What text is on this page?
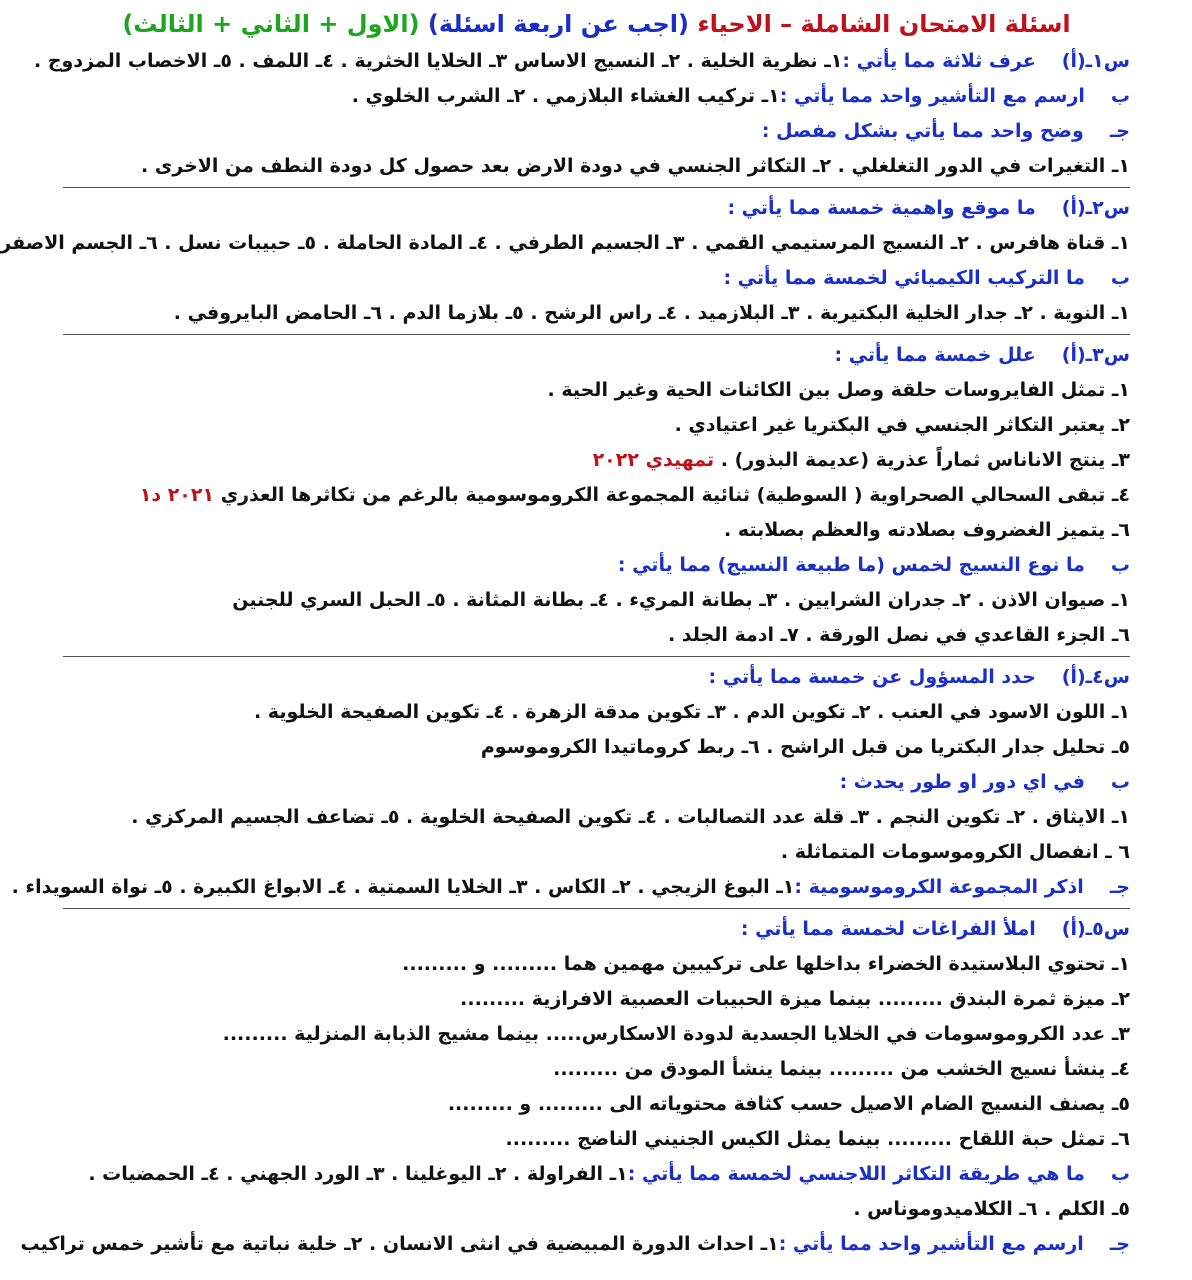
اسئلة الامتحان الشاملة – الاحياء (اجب عن اربعة اسئلة) (الاول + الثاني + الثالث)
س١ـ(أ)عرف ثلاثة مما يأتي :١ـ نظرية الخلية . ٢ـ النسيج الاساس ٣ـ الخلايا الخثرية . ٤ـ اللمف . ٥ـ الاخصاب المزدوج .
بارسم مع التأشير واحد مما يأتي :١ـ تركيب الغشاء البلازمي . ٢ـ الشرب الخلوي .
جـوضح واحد مما يأتي بشكل مفصل :
١ـ التغيرات في الدور التغلغلي . ٢ـ التكاثر الجنسي في دودة الارض بعد حصول كل دودة النطف من الاخرى .
س٢ـ(أ)ما موقع واهمية خمسة مما يأتي :
١ـ قناة هافرس . ٢ـ النسيج المرستيمي القمي . ٣ـ الجسيم الطرفي . ٤ـ المادة الحاملة . ٥ـ حبيبات نسل . ٦ـ الجسم الاصفر
بما التركيب الكيميائي لخمسة مما يأتي :
١ـ النوية . ٢ـ جدار الخلية البكتيرية . ٣ـ البلازميد . ٤ـ راس الرشح . ٥ـ بلازما الدم . ٦ـ الحامض البايروفي .
س٣ـ(أ)علل خمسة مما يأتي :
١ـ تمثل الفايروسات حلقة وصل بين الكائنات الحية وغير الحية .
٢ـ يعتبر التكاثر الجنسي في البكتريا غير اعتيادي .
٣ـ ينتج الاناناس ثماراً عذرية (عديمة البذور) . تمهيدي ٢٠٢٢
٤ـ تبقى السحالي الصحراوية ( السوطية) ثنائية المجموعة الكروموسومية بالرغم من تكاثرها العذري ٢٠٢١ د١
٦ـ يتميز الغضروف بصلادته والعظم بصلابته .
بما نوع النسيج لخمس (ما طبيعة النسيج) مما يأتي :
١ـ صيوان الاذن . ٢ـ جدران الشرايين . ٣ـ بطانة المريء . ٤ـ بطانة المثانة . ٥ـ الحبل السري للجنين
٦ـ الجزء القاعدي في نصل الورقة . ٧ـ ادمة الجلد .
س٤ـ(أ)حدد المسؤول عن خمسة مما يأتي :
١ـ اللون الاسود في العنب . ٢ـ تكوين الدم . ٣ـ تكوين مدقة الزهرة . ٤ـ تكوين الصفيحة الخلوية .
٥ـ تحليل جدار البكتريا من قبل الراشح . ٦ـ ربط كروماتيدا الكروموسوم
بفي اي دور او طور يحدث :
١ـ الايثاق . ٢ـ تكوين النجم . ٣ـ قلة عدد التصالبات . ٤ـ تكوين الصفيحة الخلوية . ٥ـ تضاعف الجسيم المركزي .
٦ ـ انفصال الكروموسومات المتماثلة .
جـاذكر المجموعة الكروموسومية :١ـ البوغ الزيجي . ٢ـ الكاس . ٣ـ الخلايا السمتية . ٤ـ الابواغ الكبيرة . ٥ـ نواة السويداء .
س٥ـ(أ)املأ الفراغات لخمسة مما يأتي :
١ـ تحتوي البلاستيدة الخضراء بداخلها على تركيبين مهمين هما ......... و .........
٢ـ ميزة ثمرة البندق ......... بينما ميزة الحبيبات العصبية الافرازية .........
٣ـ عدد الكروموسومات في الخلايا الجسدية لدودة الاسكارس..... بينما مشيج الذبابة المنزلية .........
٤ـ ينشأ نسيج الخشب من ......... بينما ينشأ المودق من .........
٥ـ يصنف النسيج الضام الاصيل حسب كثافة محتوياته الى ......... و .........
٦ـ تمثل حبة اللقاح ......... بينما يمثل الكيس الجنيني الناضج .........
بما هي طريقة التكاثر اللاجنسي لخمسة مما يأتي :١ـ الفراولة . ٢ـ اليوغلينا . ٣ـ الورد الجهني . ٤ـ الحمضيات .
٥ـ الكلم . ٦ـ الكلاميدوموناس .
جـارسم مع التأشير واحد مما يأتي :١ـ احداث الدورة المبيضية في انثى الانسان . ٢ـ خلية نباتية مع تأشير خمس تراكيب
